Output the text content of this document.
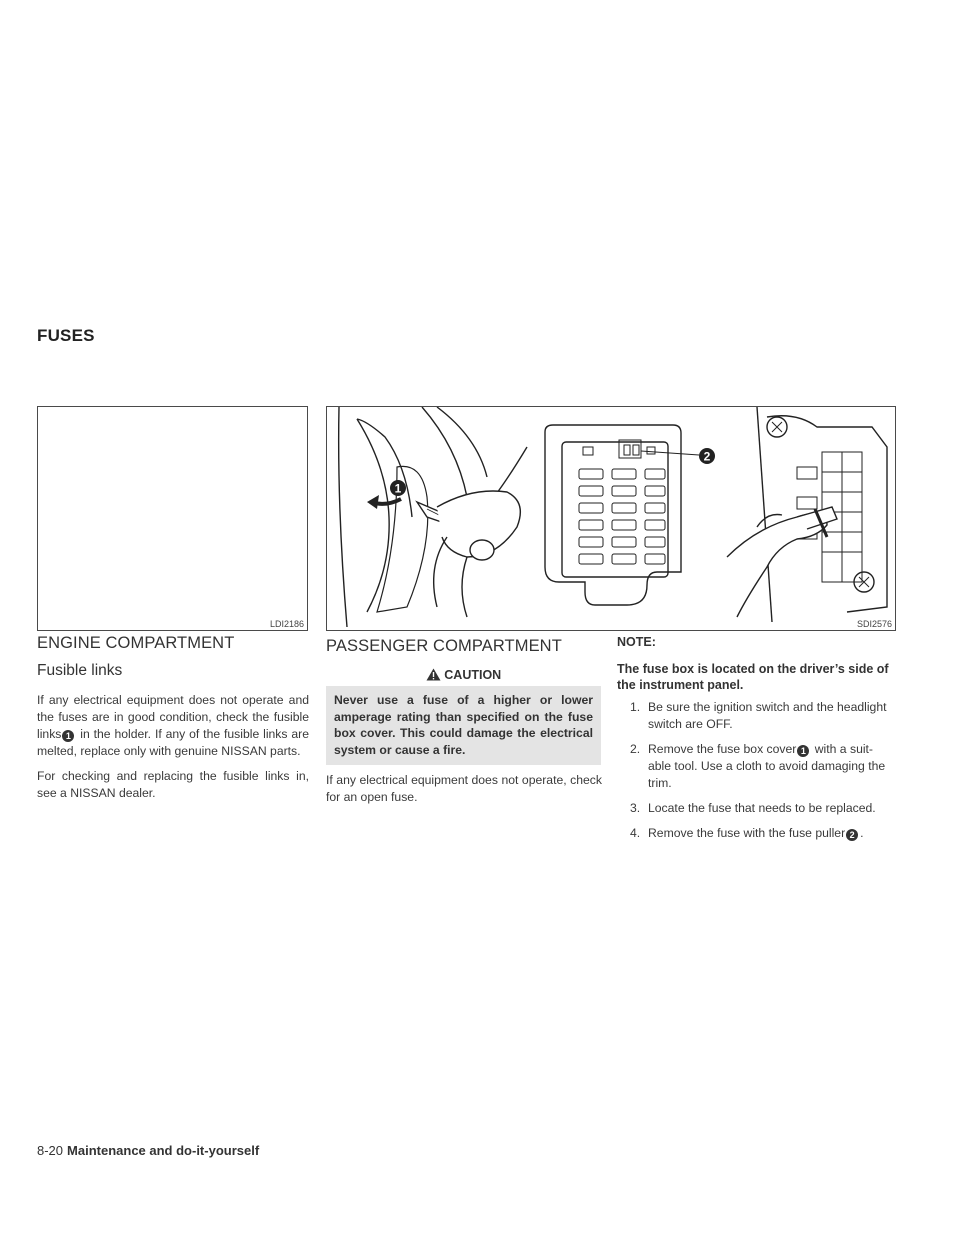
FUSES
LDI2186
1
2
SDI2576
ENGINE COMPARTMENT
Fusible links

If any electrical equipment does not operate and the fuses are in good condition, check the fusible links 1 in the holder. If any of the fusible links are melted, replace only with genuine NISSAN parts.

For checking and replacing the fusible links in, see a NISSAN dealer.

PASSENGER COMPARTMENT
CAUTION
Never use a fuse of a higher or lower amperage rating than specified on the fuse box cover. This could damage the electrical system or cause a fire.

If any electrical equipment does not operate, check for an open fuse.

NOTE:

The fuse box is located on the driver’s side of the instrument panel.

1. Be sure the ignition switch and the headlight switch are OFF.
2. Remove the fuse box cover 1 with a suit-able tool. Use a cloth to avoid damaging the trim.
3. Locate the fuse that needs to be replaced.
4. Remove the fuse with the fuse puller 2 .
8-20 Maintenance and do-it-yourself
